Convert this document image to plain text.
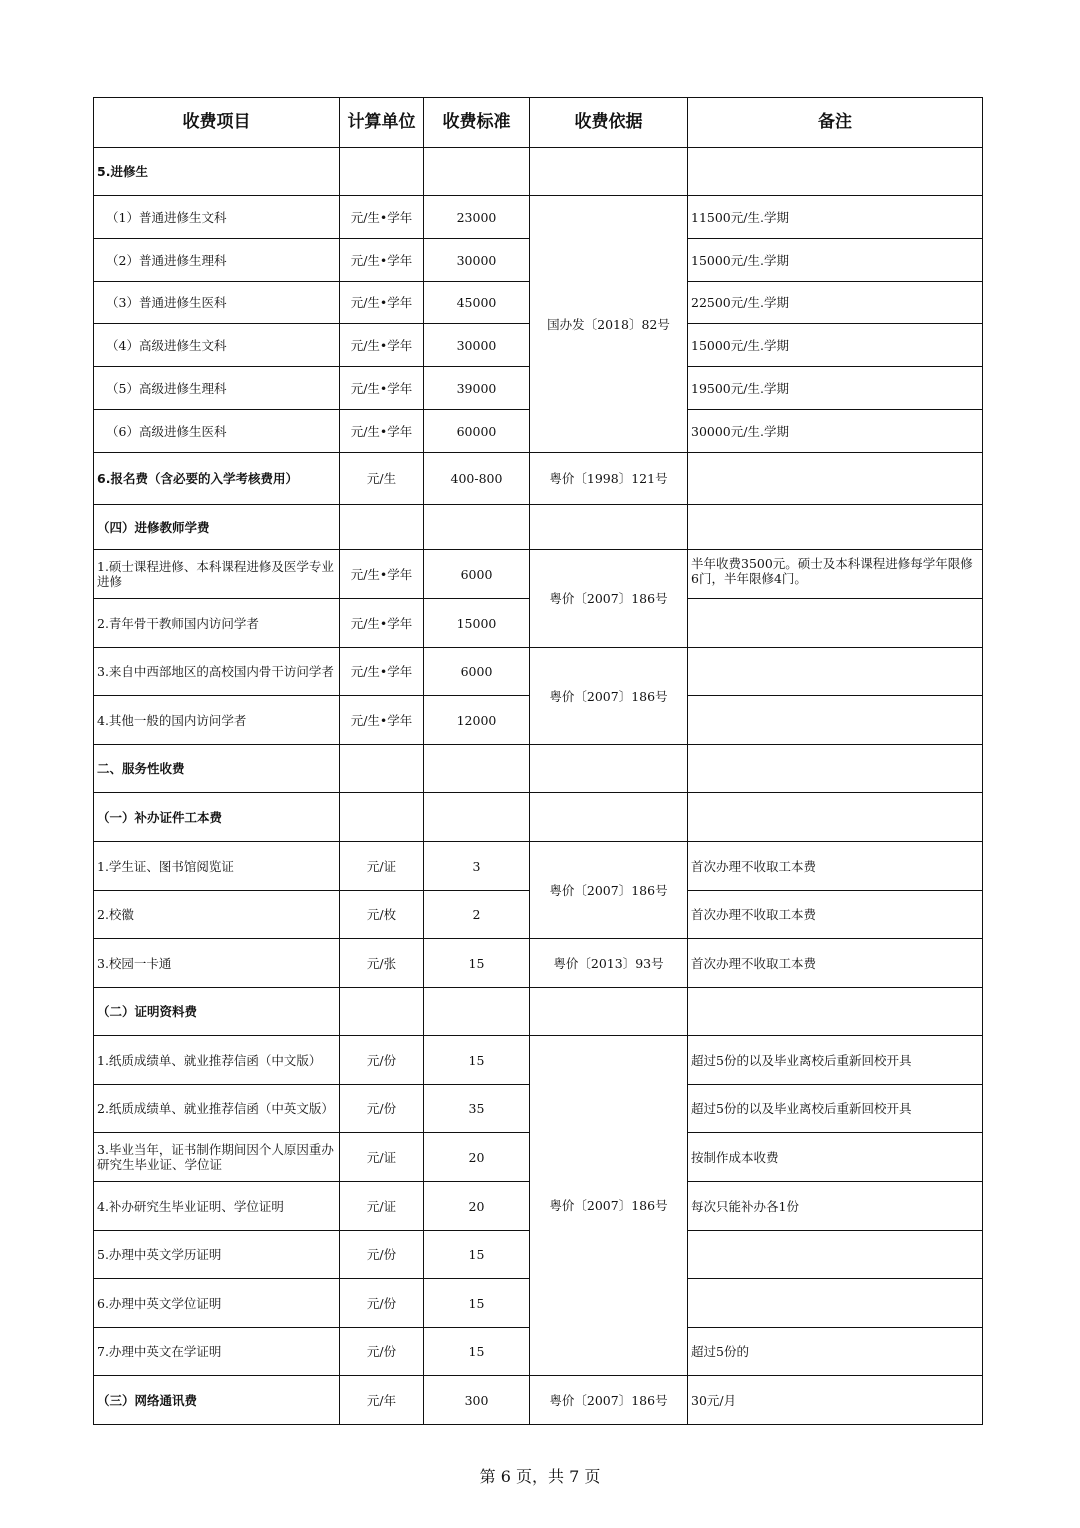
收费项目	计算单位	收费标准	收费依据	备注
5.进修生				
（1）普通进修生文科	元/生•学年	23000	国办发〔2018〕82号	11500元/生.学期
（2）普通进修生理科	元/生•学年	30000		15000元/生.学期
（3）普通进修生医科	元/生•学年	45000		22500元/生.学期
（4）高级进修生文科	元/生•学年	30000		15000元/生.学期
（5）高级进修生理科	元/生•学年	39000		19500元/生.学期
（6）高级进修生医科	元/生•学年	60000		30000元/生.学期
6.报名费（含必要的入学考核费用）	元/生	400-800	粤价〔1998〕121号	
（四）进修教师学费				
1.硕士课程进修、本科课程进修及医学专业进修	元/生•学年	6000	粤价〔2007〕186号	半年收费3500元。硕士及本科课程进修每学年限修6门，半年限修4门。
2.青年骨干教师国内访问学者	元/生•学年	15000		
3.来自中西部地区的高校国内骨干访问学者	元/生•学年	6000	粤价〔2007〕186号	
4.其他一般的国内访问学者	元/生•学年	12000		
二、服务性收费				
（一）补办证件工本费				
1.学生证、图书馆阅览证	元/证	3	粤价〔2007〕186号	首次办理不收取工本费
2.校徽	元/枚	2		首次办理不收取工本费
3.校园一卡通	元/张	15	粤价〔2013〕93号	首次办理不收取工本费
（二）证明资料费				
1.纸质成绩单、就业推荐信函（中文版）	元/份	15	粤价〔2007〕186号	超过5份的以及毕业离校后重新回校开具
2.纸质成绩单、就业推荐信函（中英文版）	元/份	35		超过5份的以及毕业离校后重新回校开具
3.毕业当年，证书制作期间因个人原因重办研究生毕业证、学位证	元/证	20		按制作成本收费
4.补办研究生毕业证明、学位证明	元/证	20		每次只能补办各1份
5.办理中英文学历证明	元/份	15		
6.办理中英文学位证明	元/份	15		
7.办理中英文在学证明	元/份	15		超过5份的
（三）网络通讯费	元/年	300	粤价〔2007〕186号	30元/月
第 6 页，共 7 页
